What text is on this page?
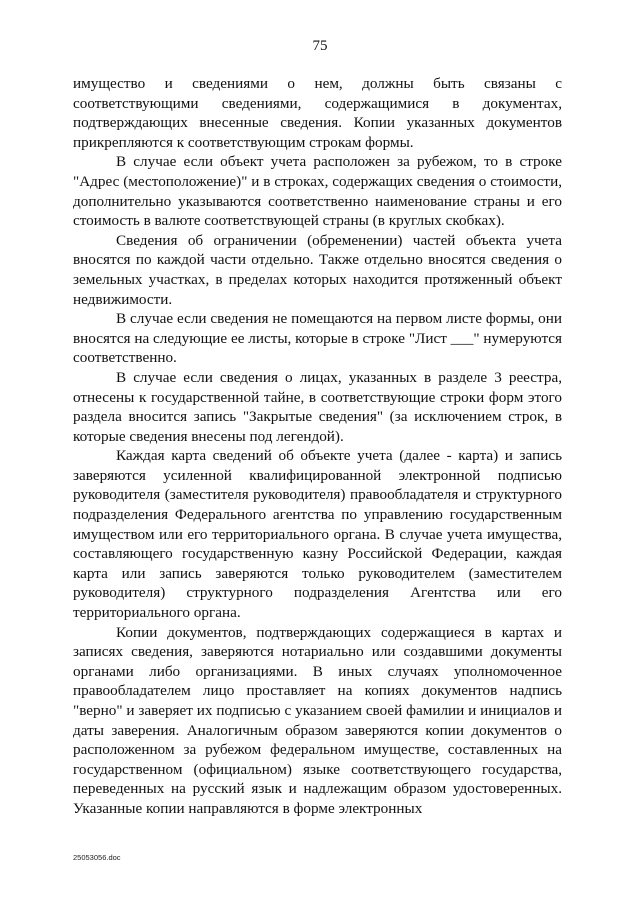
75

имущество и сведениями о нем, должны быть связаны с соответствующими сведениями, содержащимися в документах, подтверждающих внесенные сведения. Копии указанных документов прикрепляются к соответствующим строкам формы.

В случае если объект учета расположен за рубежом, то в строке "Адрес (местоположение)" и в строках, содержащих сведения о стоимости, дополнительно указываются соответственно наименование страны и его стоимость в валюте соответствующей страны (в круглых скобках).

Сведения об ограничении (обременении) частей объекта учета вносятся по каждой части отдельно. Также отдельно вносятся сведения о земельных участках, в пределах которых находится протяженный объект недвижимости.

В случае если сведения не помещаются на первом листе формы, они вносятся на следующие ее листы, которые в строке "Лист ___" нумеруются соответственно.

В случае если сведения о лицах, указанных в разделе 3 реестра, отнесены к государственной тайне, в соответствующие строки форм этого раздела вносится запись "Закрытые сведения" (за исключением строк, в которые сведения внесены под легендой).

Каждая карта сведений об объекте учета (далее - карта) и запись заверяются усиленной квалифицированной электронной подписью руководителя (заместителя руководителя) правообладателя и структурного подразделения Федерального агентства по управлению государственным имуществом или его территориального органа. В случае учета имущества, составляющего государственную казну Российской Федерации, каждая карта или запись заверяются только руководителем (заместителем руководителя) структурного подразделения Агентства или его территориального органа.

Копии документов, подтверждающих содержащиеся в картах и записях сведения, заверяются нотариально или создавшими документы органами либо организациями. В иных случаях уполномоченное правообладателем лицо проставляет на копиях документов надпись "верно" и заверяет их подписью с указанием своей фамилии и инициалов и даты заверения. Аналогичным образом заверяются копии документов о расположенном за рубежом федеральном имуществе, составленных на государственном (официальном) языке соответствующего государства, переведенных на русский язык и надлежащим образом удостоверенных. Указанные копии направляются в форме электронных

25053056.doc
